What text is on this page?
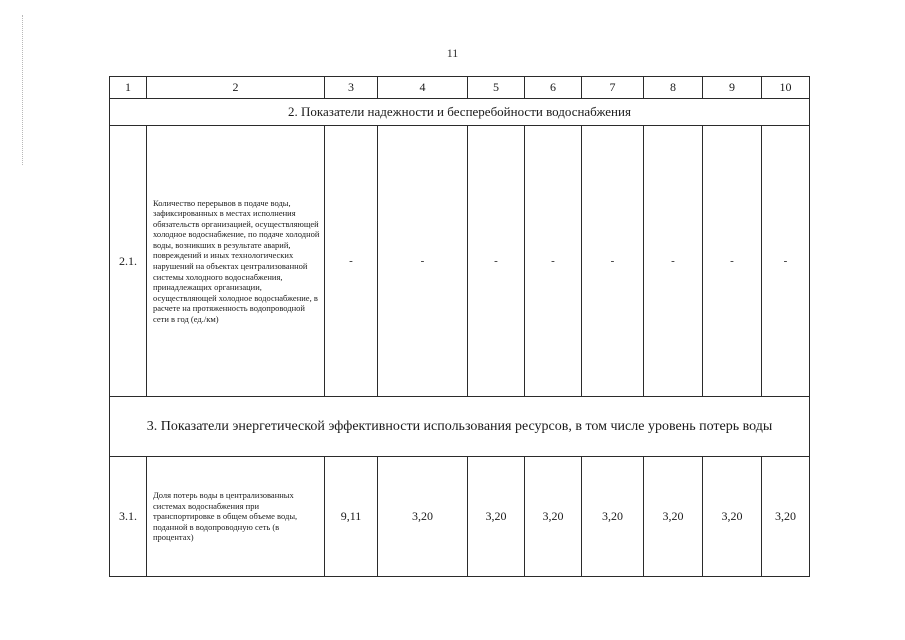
11
1	2	3	4	5	6	7	8	9	10
2. Показатели надежности и бесперебойности водоснабжения									
2.1.	Количество перерывов в подаче воды, зафиксированных в местах исполнения обязательств организацией, осуществляющей холодное водоснабжение, по подаче холодной воды, возникших в результате аварий, повреждений и иных технологических нарушений на объектах централизованной системы холодного водоснабжения, принадлежащих организации, осуществляющей холодное водоснабжение, в расчете на протяженность водопроводной сети в год (ед./км)	-	-	-	-	-	-	-	-
3. Показатели энергетической эффективности использования ресурсов, в том числе уровень потерь воды									
3.1.	Доля потерь воды в централизованных системах водоснабжения при транспортировке в общем объеме воды, поданной в водопроводную сеть (в процентах)	9,11	3,20	3,20	3,20	3,20	3,20	3,20	3,20
